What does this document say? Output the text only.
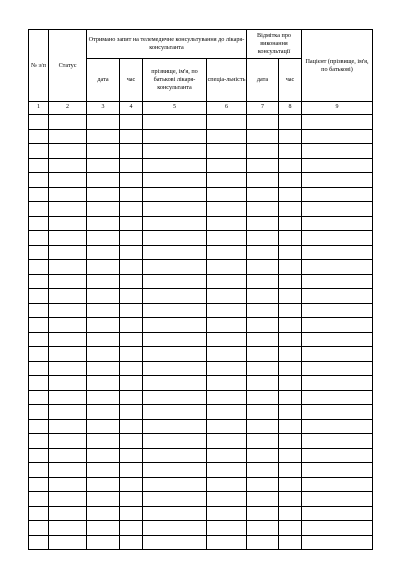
№ з/п	Статус	Отримано запит на телемедичне консультування до лікаря-консультанта				Відмітка про виконання консультації		Пацієнт (прізвище, ім'я, по батькові)
		дата	час	прізвище, ім'я, по батькові лікаря-консультанта	спеціа-льність	дата	час	
1	2	3	4	5	6	7	8	9
